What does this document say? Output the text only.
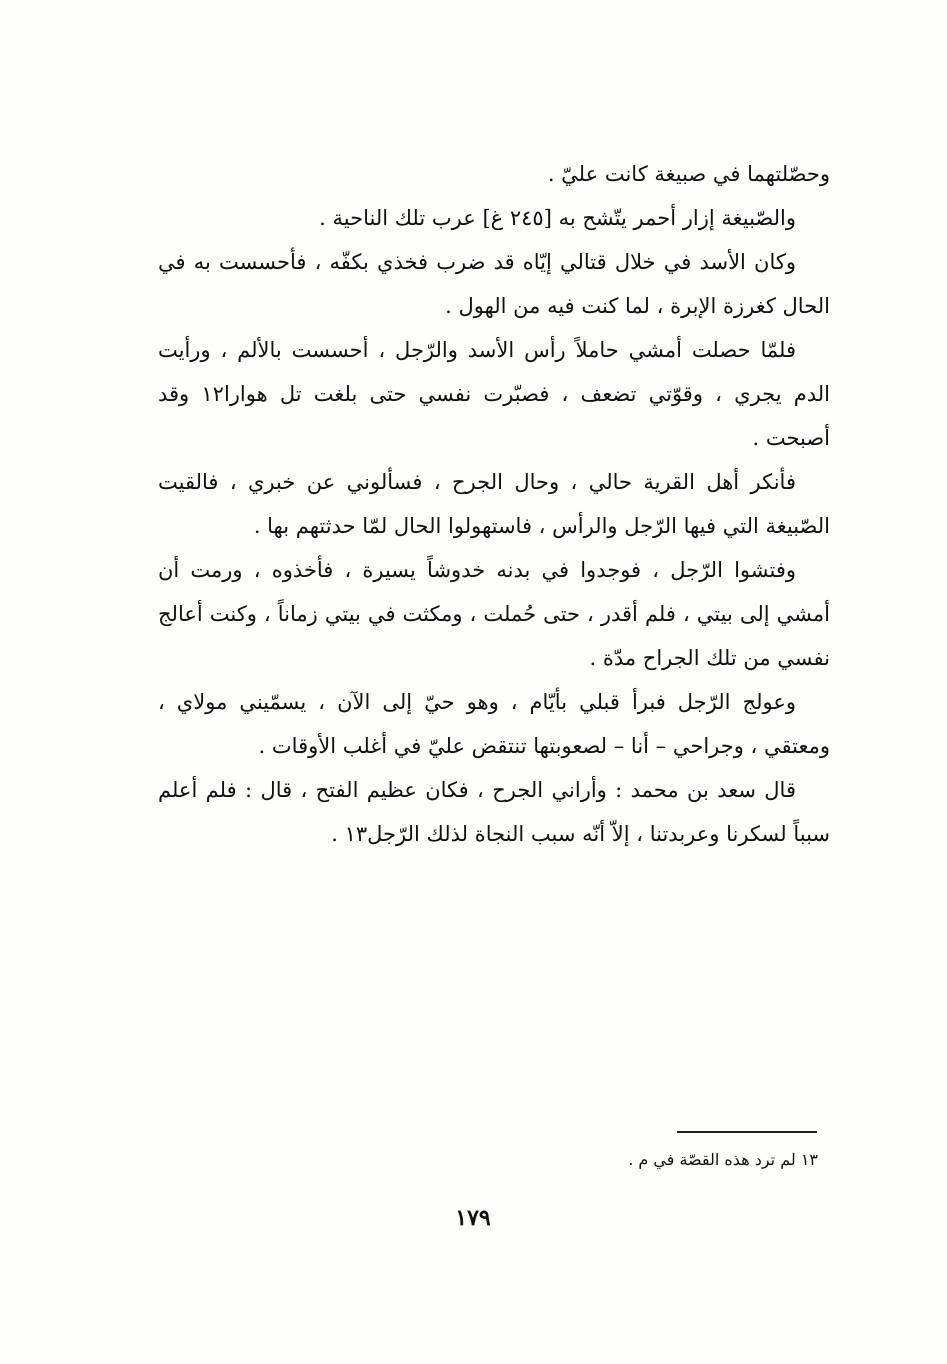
وحصّلتهما في صبيغة كانت عليّ .

والصّبيغة إزار أحمر يتّشح به [٢٤٥ غ] عرب تلك الناحية .

وكان الأسد في خلال قتالي إيّاه قد ضرب فخذي بكفّه ، فأحسست به في الحال كغرزة الإبرة ، لما كنت فيه من الهول .

فلمّا حصلت أمشي حاملاً رأس الأسد والرّجل ، أحسست بالألم ، ورأيت الدم يجري ، وقوّتي تضعف ، فصبّرت نفسي حتى بلغت تل هوارا١٢ وقد أصبحت .

فأنكر أهل القرية حالي ، وحال الجرح ، فسألوني عن خبري ، فالقيت الصّبيغة التي فيها الرّجل والرأس ، فاستهولوا الحال لمّا حدثتهم بها .

وفتشوا الرّجل ، فوجدوا في بدنه خدوشاً يسيرة ، فأخذوه ، ورمت أن أمشي إلى بيتي ، فلم أقدر ، حتى حُملت ، ومكثت في بيتي زماناً ، وكنت أعالج نفسي من تلك الجراح مدّة .

وعولج الرّجل فبرأ قبلي بأيّام ، وهو حيّ إلى الآن ، يسمّيني مولاي ، ومعتقي ، وجراحي – أنا – لصعوبتها تنتقض عليّ في أغلب الأوقات .

قال سعد بن محمد : وأراني الجرح ، فكان عظيم الفتح ، قال : فلم أعلم سبباً لسكرنا وعربدتنا ، إلاّ أنّه سبب النجاة لذلك الرّجل١٣ .

١٣ لم ترد هذه القصّة في م .
١٧٩
